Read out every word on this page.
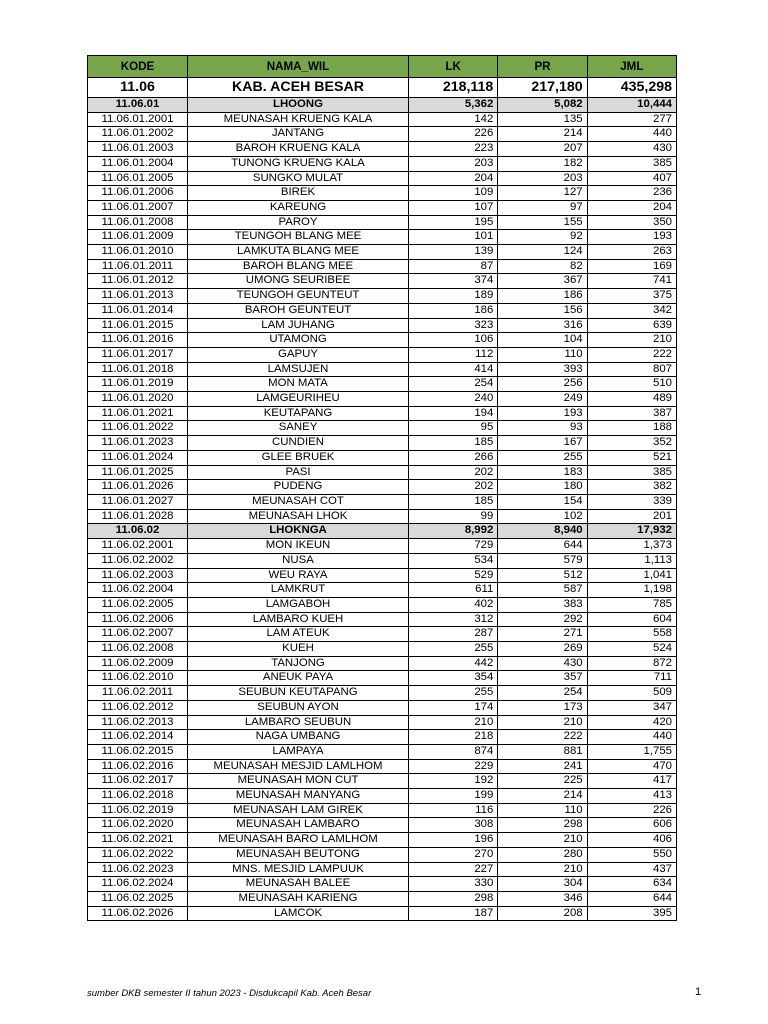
KODE	NAMA_WIL	LK	PR	JML
11.06	KAB. ACEH BESAR	218,118	217,180	435,298
11.06.01	LHOONG	5,362	5,082	10,444
11.06.01.2001	MEUNASAH KRUENG KALA	142	135	277
11.06.01.2002	JANTANG	226	214	440
11.06.01.2003	BAROH KRUENG KALA	223	207	430
11.06.01.2004	TUNONG KRUENG KALA	203	182	385
11.06.01.2005	SUNGKO MULAT	204	203	407
11.06.01.2006	BIREK	109	127	236
11.06.01.2007	KAREUNG	107	97	204
11.06.01.2008	PAROY	195	155	350
11.06.01.2009	TEUNGOH BLANG MEE	101	92	193
11.06.01.2010	LAMKUTA BLANG MEE	139	124	263
11.06.01.2011	BAROH BLANG MEE	87	82	169
11.06.01.2012	UMONG SEURIBEE	374	367	741
11.06.01.2013	TEUNGOH GEUNTEUT	189	186	375
11.06.01.2014	BAROH GEUNTEUT	186	156	342
11.06.01.2015	LAM JUHANG	323	316	639
11.06.01.2016	UTAMONG	106	104	210
11.06.01.2017	GAPUY	112	110	222
11.06.01.2018	LAMSUJEN	414	393	807
11.06.01.2019	MON MATA	254	256	510
11.06.01.2020	LAMGEURIHEU	240	249	489
11.06.01.2021	KEUTAPANG	194	193	387
11.06.01.2022	SANEY	95	93	188
11.06.01.2023	CUNDIEN	185	167	352
11.06.01.2024	GLEE BRUEK	266	255	521
11.06.01.2025	PASI	202	183	385
11.06.01.2026	PUDENG	202	180	382
11.06.01.2027	MEUNASAH COT	185	154	339
11.06.01.2028	MEUNASAH LHOK	99	102	201
11.06.02	LHOKNGA	8,992	8,940	17,932
11.06.02.2001	MON IKEUN	729	644	1,373
11.06.02.2002	NUSA	534	579	1,113
11.06.02.2003	WEU RAYA	529	512	1,041
11.06.02.2004	LAMKRUT	611	587	1,198
11.06.02.2005	LAMGABOH	402	383	785
11.06.02.2006	LAMBARO KUEH	312	292	604
11.06.02.2007	LAM ATEUK	287	271	558
11.06.02.2008	KUEH	255	269	524
11.06.02.2009	TANJONG	442	430	872
11.06.02.2010	ANEUK PAYA	354	357	711
11.06.02.2011	SEUBUN KEUTAPANG	255	254	509
11.06.02.2012	SEUBUN AYON	174	173	347
11.06.02.2013	LAMBARO SEUBUN	210	210	420
11.06.02.2014	NAGA UMBANG	218	222	440
11.06.02.2015	LAMPAYA	874	881	1,755
11.06.02.2016	MEUNASAH MESJID LAMLHOM	229	241	470
11.06.02.2017	MEUNASAH MON CUT	192	225	417
11.06.02.2018	MEUNASAH MANYANG	199	214	413
11.06.02.2019	MEUNASAH LAM GIREK	116	110	226
11.06.02.2020	MEUNASAH LAMBARO	308	298	606
11.06.02.2021	MEUNASAH BARO LAMLHOM	196	210	406
11.06.02.2022	MEUNASAH BEUTONG	270	280	550
11.06.02.2023	MNS. MESJID LAMPUUK	227	210	437
11.06.02.2024	MEUNASAH BALEE	330	304	634
11.06.02.2025	MEUNASAH KARIENG	298	346	644
11.06.02.2026	LAMCOK	187	208	395
sumber DKB semester II tahun 2023 - Disdukcapil Kab. Aceh Besar	1
